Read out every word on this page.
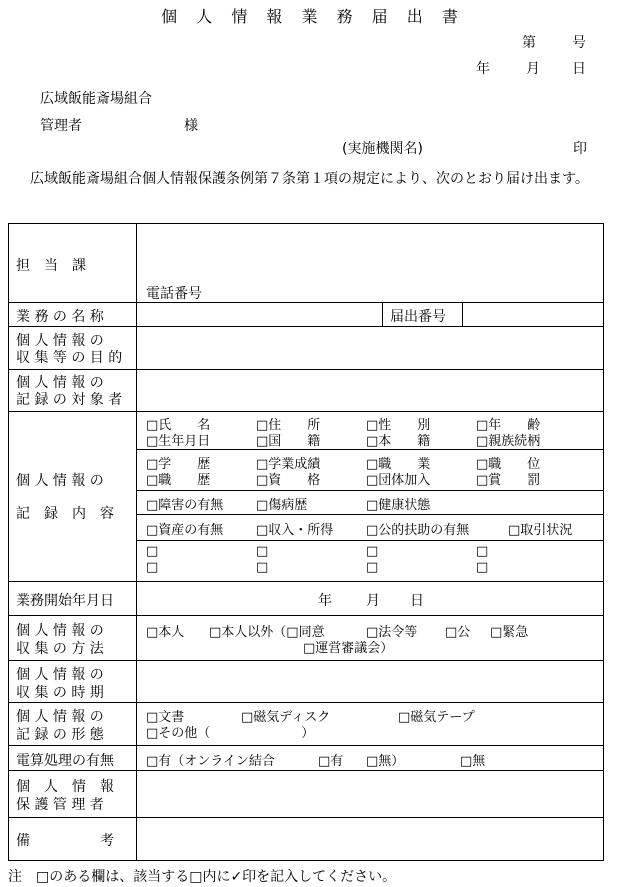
個 人 情 報 業 務 届 出 書
第	号
年	月 日
広域飯能斎場組合
管理者	様
(実施機関名)	印
　広域飯能斎場組合個人情報保護条例第７条第１項の規定により、次のとおり届け出ます。
担　当　課
電話番号
業 務 の 名 称	届出番号
個 人 情 報 の
収 集 等 の 目 的
個 人 情 報 の
記 録 の 対 象 者
個 人 情 報 の
記　録　内　容
□氏　　名	□住　　所	□性　　別	□年　　齢
□生年月日	□国　　籍	□本　　籍	□親族続柄
□学　　歴	□学業成績	□職　　業	□職　　位
□職　　歴	□資　　格	□団体加入	□賞　　罰
□障害の有無	□傷病歴	□健康状態
□資産の有無	□収入・所得	□公的扶助の有無	□取引状況
□	□	□	□
□	□	□	□
業務開始年月日	年 月 日
個 人 情 報 の
収 集 の 方 法
□本人 □本人以外（□同意	□法令等 □公 □緊急
□運営審議会）
個 人 情 報 の
収 集 の 時 期
個 人 情 報 の
記 録 の 形 態
□文書	□磁気ディスク	□磁気テープ
□その他（　　　　　　　）
電算処理の有無 □有（オンライン結合	□有 □無）	□無
個　人　情　報
保 護 管 理 者
備　　　　　考
注　□のある欄は、該当する□内に✓印を記入してください。
